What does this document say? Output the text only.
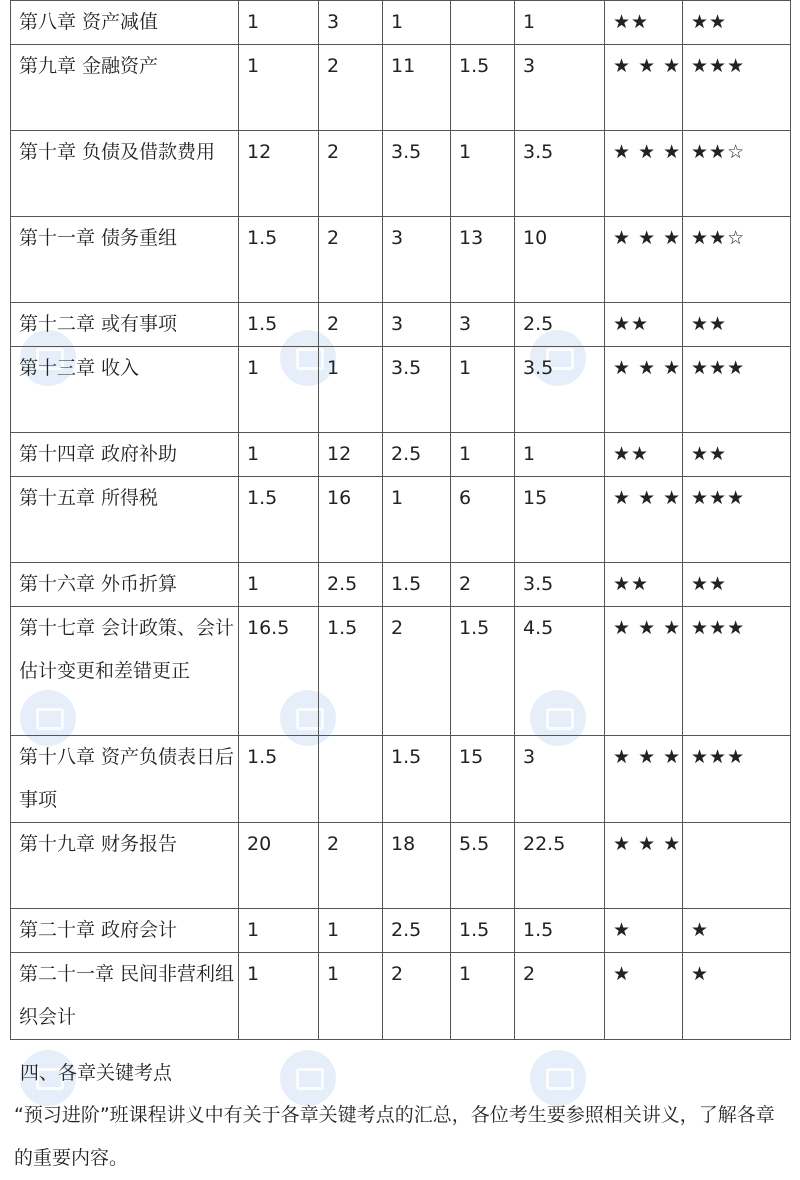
第八章 资产减值	1	3	1		1	★★	★★
第九章 金融资产	1	2	11	1.5	3	★ ★ ★	★★★
第十章 负债及借款费用	12	2	3.5	1	3.5	★ ★ ★	★★☆
第十一章 债务重组	1.5	2	3	13	10	★ ★ ★	★★☆
第十二章 或有事项	1.5	2	3	3	2.5	★★	★★
第十三章 收入	1	1	3.5	1	3.5	★ ★ ★	★★★
第十四章 政府补助	1	12	2.5	1	1	★★	★★
第十五章 所得税	1.5	16	1	6	15	★ ★ ★	★★★
第十六章 外币折算	1	2.5	1.5	2	3.5	★★	★★
第十七章 会计政策、会计估计变更和差错更正	16.5	1.5	2	1.5	4.5	★ ★ ★	★★★
第十八章 资产负债表日后事项	1.5		1.5	15	3	★ ★ ★	★★★
第十九章 财务报告	20	2	18	5.5	22.5	★ ★ ★	
第二十章 政府会计	1	1	2.5	1.5	1.5	★	★
第二十一章 民间非营利组织会计	1	1	2	1	2	★	★
四、各章关键考点
“预习进阶”班课程讲义中有关于各章关键考点的汇总，各位考生要参照相关讲义，了解各章的重要内容。
